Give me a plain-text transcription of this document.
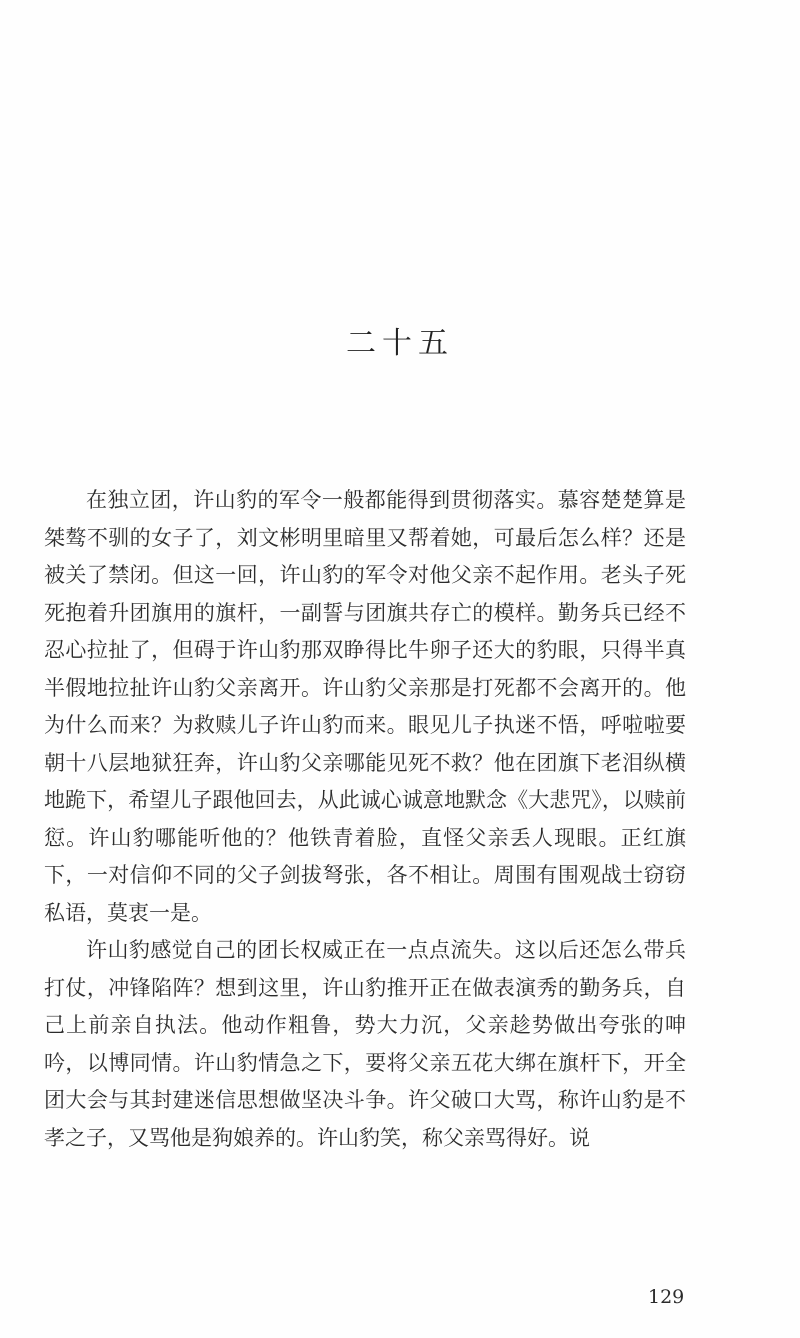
二十五

在独立团，许山豹的军令一般都能得到贯彻落实。慕容楚楚算是桀骜不驯的女子了，刘文彬明里暗里又帮着她，可最后怎么样？还是被关了禁闭。但这一回，许山豹的军令对他父亲不起作用。老头子死死抱着升团旗用的旗杆，一副誓与团旗共存亡的模样。勤务兵已经不忍心拉扯了，但碍于许山豹那双睁得比牛卵子还大的豹眼，只得半真半假地拉扯许山豹父亲离开。许山豹父亲那是打死都不会离开的。他为什么而来？为救赎儿子许山豹而来。眼见儿子执迷不悟，呼啦啦要朝十八层地狱狂奔，许山豹父亲哪能见死不救？他在团旗下老泪纵横地跪下，希望儿子跟他回去，从此诚心诚意地默念《大悲咒》，以赎前愆。许山豹哪能听他的？他铁青着脸，直怪父亲丢人现眼。正红旗下，一对信仰不同的父子剑拔弩张，各不相让。周围有围观战士窃窃私语，莫衷一是。

许山豹感觉自己的团长权威正在一点点流失。这以后还怎么带兵打仗，冲锋陷阵？想到这里，许山豹推开正在做表演秀的勤务兵，自己上前亲自执法。他动作粗鲁，势大力沉，父亲趁势做出夸张的呻吟，以博同情。许山豹情急之下，要将父亲五花大绑在旗杆下，开全团大会与其封建迷信思想做坚决斗争。许父破口大骂，称许山豹是不孝之子，又骂他是狗娘养的。许山豹笑，称父亲骂得好。说

129
